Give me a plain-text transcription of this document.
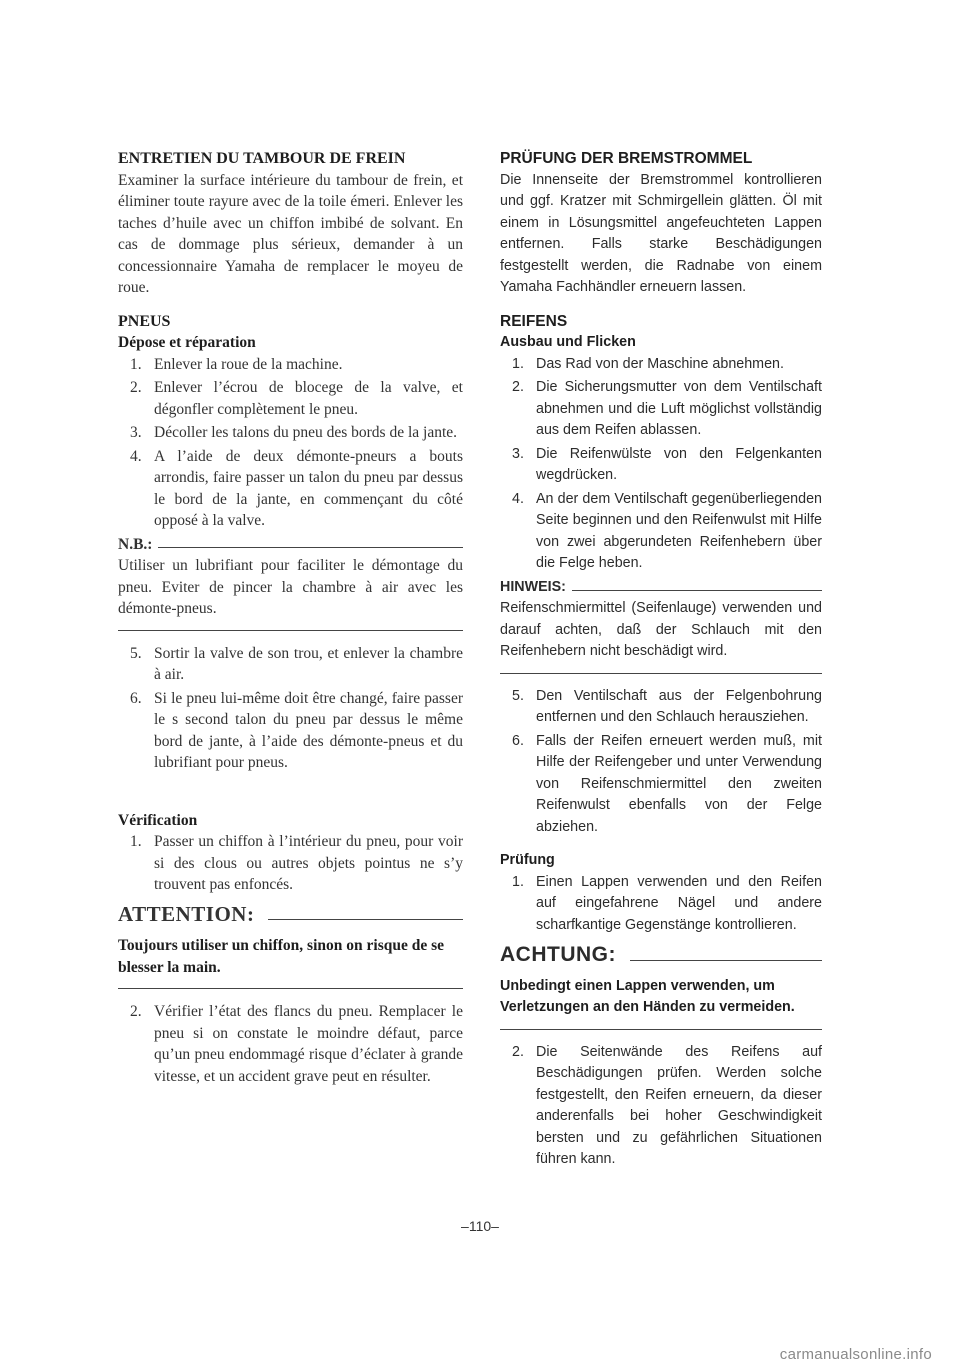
ENTRETIEN DU TAMBOUR DE FREIN

Examiner la surface intérieure du tambour de frein, et éliminer toute rayure avec de la toile émeri. Enlever les taches d’huile avec un chiffon imbibé de solvant. En cas de dommage plus sérieux, demander à un concessionnaire Yamaha de remplacer le moyeu de roue.

PNEUS

Dépose et réparation

1. Enlever la roue de la machine.
2. Enlever l’écrou de blocege de la valve, et dégonfler complètement le pneu.
3. Décoller les talons du pneu des bords de la jante.
4. A l’aide de deux démonte-pneurs a bouts arrondis, faire passer un talon du pneu par dessus le bord de la jante, en commençant du côté opposé à la valve.
N.B.:

Utiliser un lubrifiant pour faciliter le démontage du pneu. Eviter de pincer la chambre à air avec les démonte-pneus.

5. Sortir la valve de son trou, et enlever la chambre à air.
6. Si le pneu lui-même doit être changé, faire passer le s second talon du pneu par dessus le même bord de jante, à l’aide des démonte-pneus et du lubrifiant pour pneus.

Vérification

1. Passer un chiffon à l’intérieur du pneu, pour voir si des clous ou autres objets pointus ne s’y trouvent pas enfoncés.
ATTENTION:

Toujours utiliser un chiffon, sinon on risque de se blesser la main.

2. Vérifier l’état des flancs du pneu. Remplacer le pneu si on constate le moindre défaut, parce qu’un pneu endommagé risque d’éclater à grande vitesse, et un accident grave peut en résulter.

PRÜFUNG DER BREMSTROMMEL

Die Innenseite der Bremstrommel kontrollieren und ggf. Kratzer mit Schmirgellein glätten. Öl mit einem in Lösungsmittel angefeuchteten Lappen entfernen. Falls starke Beschädigungen festgestellt werden, die Radnabe von einem Yamaha Fachhändler erneuern lassen.

REIFENS

Ausbau und Flicken

1. Das Rad von der Maschine abnehmen.
2. Die Sicherungsmutter von dem Ventilschaft abnehmen und die Luft möglichst vollständig aus dem Reifen ablassen.
3. Die Reifenwülste von den Felgenkanten wegdrücken.
4. An der dem Ventilschaft gegenüberliegenden Seite beginnen und den Reifenwulst mit Hilfe von zwei abgerundeten Reifenhebern über die Felge heben.
HINWEIS:

Reifenschmiermittel (Seifenlauge) verwenden und darauf achten, daß der Schlauch mit den Reifenhebern nicht beschädigt wird.

5. Den Ventilschaft aus der Felgenbohrung entfernen und den Schlauch herausziehen.
6. Falls der Reifen erneuert werden muß, mit Hilfe der Reifengeber und unter Verwendung von Reifenschmiermittel den zweiten Reifenwulst ebenfalls von der Felge abziehen.

Prüfung

1. Einen Lappen verwenden und den Reifen auf eingefahrene Nägel und andere scharfkantige Gegenstänge kontrollieren.
ACHTUNG:

Unbedingt einen Lappen verwenden, um Verletzungen an den Händen zu vermeiden.

2. Die Seitenwände des Reifens auf Beschädigungen prüfen. Werden solche festgestellt, den Reifen erneuern, da dieser anderenfalls bei hoher Geschwindigkeit bersten und zu gefährlichen Situationen führen kann.
–110–
carmanualsonline.info
